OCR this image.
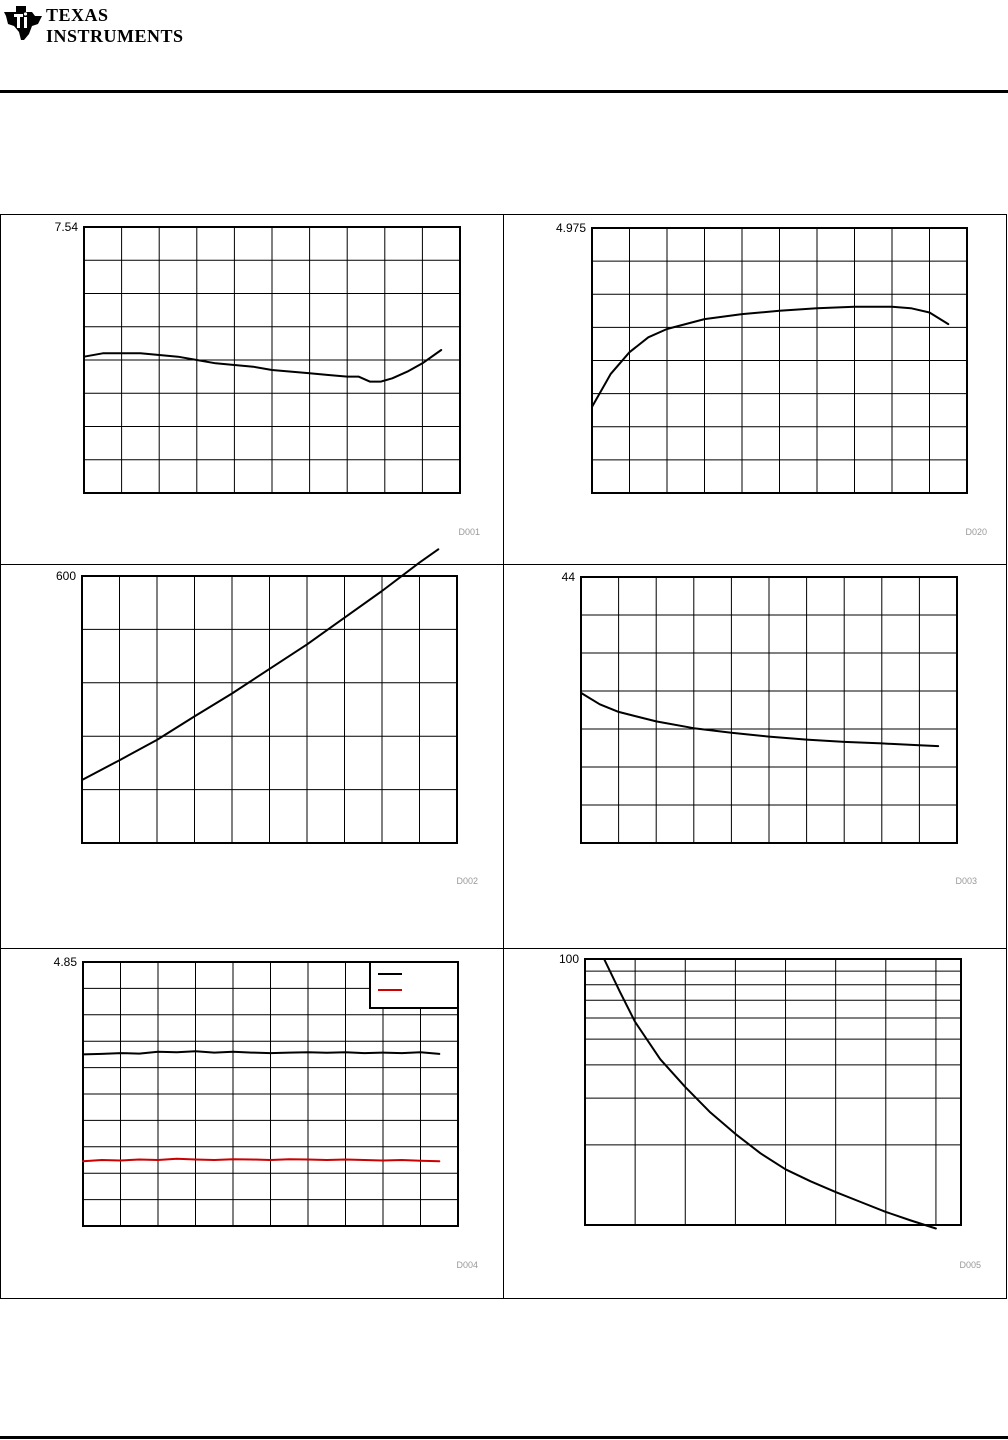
TEXAS
INSTRUMENTS
7.54
D001
4.975
D020
600
D002
44
D003
4.85
D004
100
D005
